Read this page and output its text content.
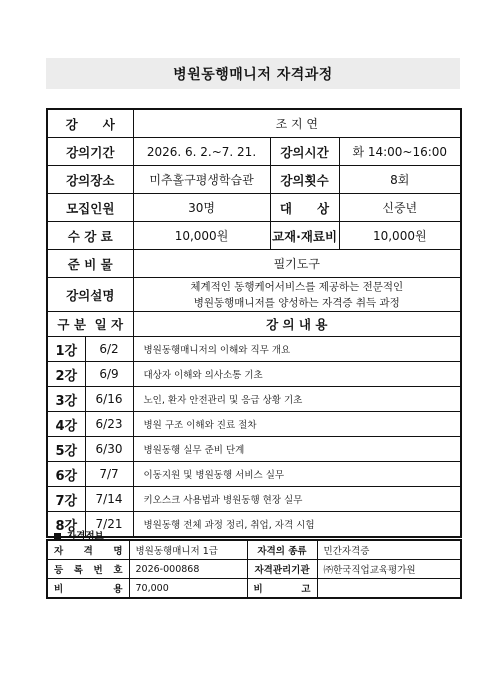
병원동행매니저 자격과정
강　　사		조 지 연		
강의기간		2026. 6. 2.~7. 21.	강의시간	화 14:00~16:00
강의장소		미추홀구평생학습관	강의횟수	8회
모집인원		30명	대　　상	신중년
수 강 료		10,000원	교재·재료비	10,000원
준 비 물		필기도구		
강의설명		체계적인 동행케어서비스를 제공하는 전문적인
병원동행매니저를 양성하는 자격증 취득 과정		

구 분  일 자		강 의 내 용		
1강	6/2	병원동행매니저의 이해와 직무 개요		
2강	6/9	대상자 이해와 의사소통 기초		
3강	6/16	노인, 환자 안전관리 및 응급 상황 기초		
4강	6/23	병원 구조 이해와 진료 절차		
5강	6/30	병원동행 실무 준비 단계		
6강	7/7	이동지원 및 병원동행 서비스 실무		
7강	7/14	키오스크 사용법과 병원동행 현장 실무		
8강	7/21	병원동행 전체 과정 정리, 취업, 자격 시험		
자격정보
자 격 명	병원동행매니저 1급	자격의 종류	민간자격증
등 록 번 호	2026-000868	자격관리기관	㈜한국직업교육평가원
비 용	70,000	비 고	
